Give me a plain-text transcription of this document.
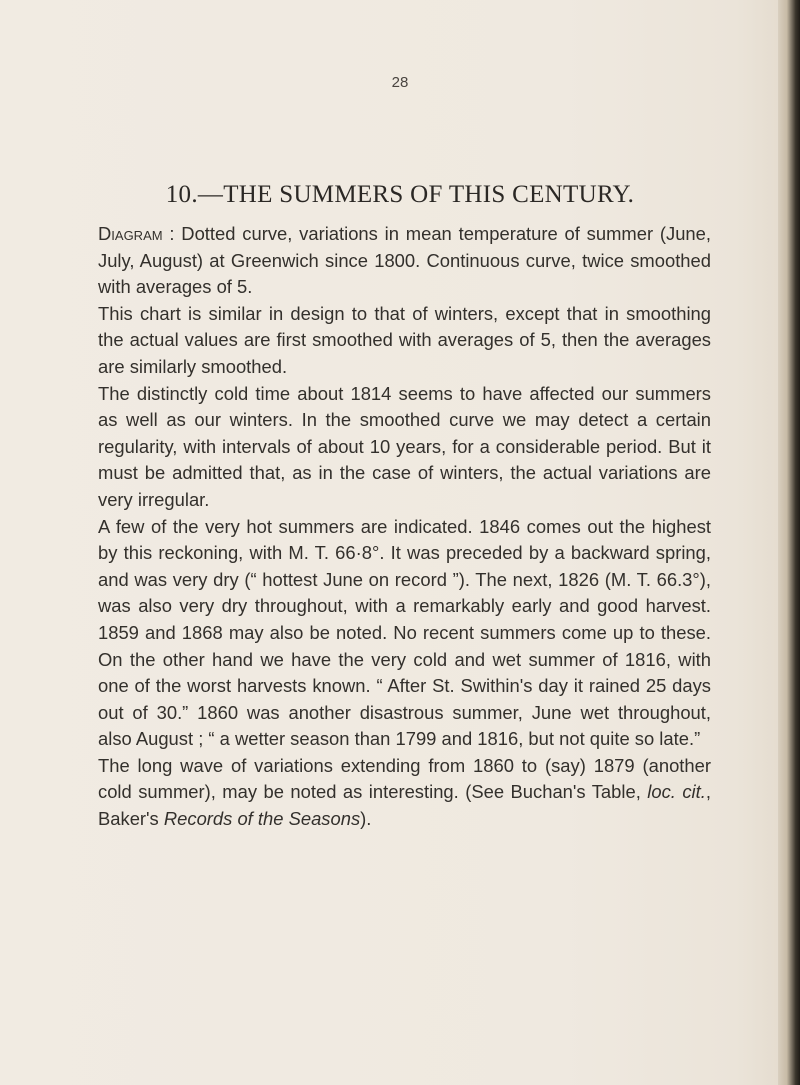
28
10.—THE SUMMERS OF THIS CENTURY.

Diagram : Dotted curve, variations in mean temperature of summer (June, July, August) at Greenwich since 1800. Continuous curve, twice smoothed with averages of 5.

This chart is similar in design to that of winters, except that in smoothing the actual values are first smoothed with averages of 5, then the averages are similarly smoothed.

The distinctly cold time about 1814 seems to have affected our summers as well as our winters. In the smoothed curve we may detect a certain regularity, with intervals of about 10 years, for a considerable period. But it must be admitted that, as in the case of winters, the actual variations are very irregular.

A few of the very hot summers are indicated. 1846 comes out the highest by this reckoning, with M. T. 66·8°. It was preceded by a backward spring, and was very dry (“ hottest June on record ”). The next, 1826 (M. T. 66.3°), was also very dry throughout, with a remarkably early and good harvest. 1859 and 1868 may also be noted. No recent summers come up to these. On the other hand we have the very cold and wet summer of 1816, with one of the worst harvests known. “ After St. Swithin's day it rained 25 days out of 30.” 1860 was another disastrous summer, June wet throughout, also August ; “ a wetter season than 1799 and 1816, but not quite so late.”

The long wave of variations extending from 1860 to (say) 1879 (another cold summer), may be noted as interesting. (See Buchan's Table, loc. cit., Baker's Records of the Seasons).
